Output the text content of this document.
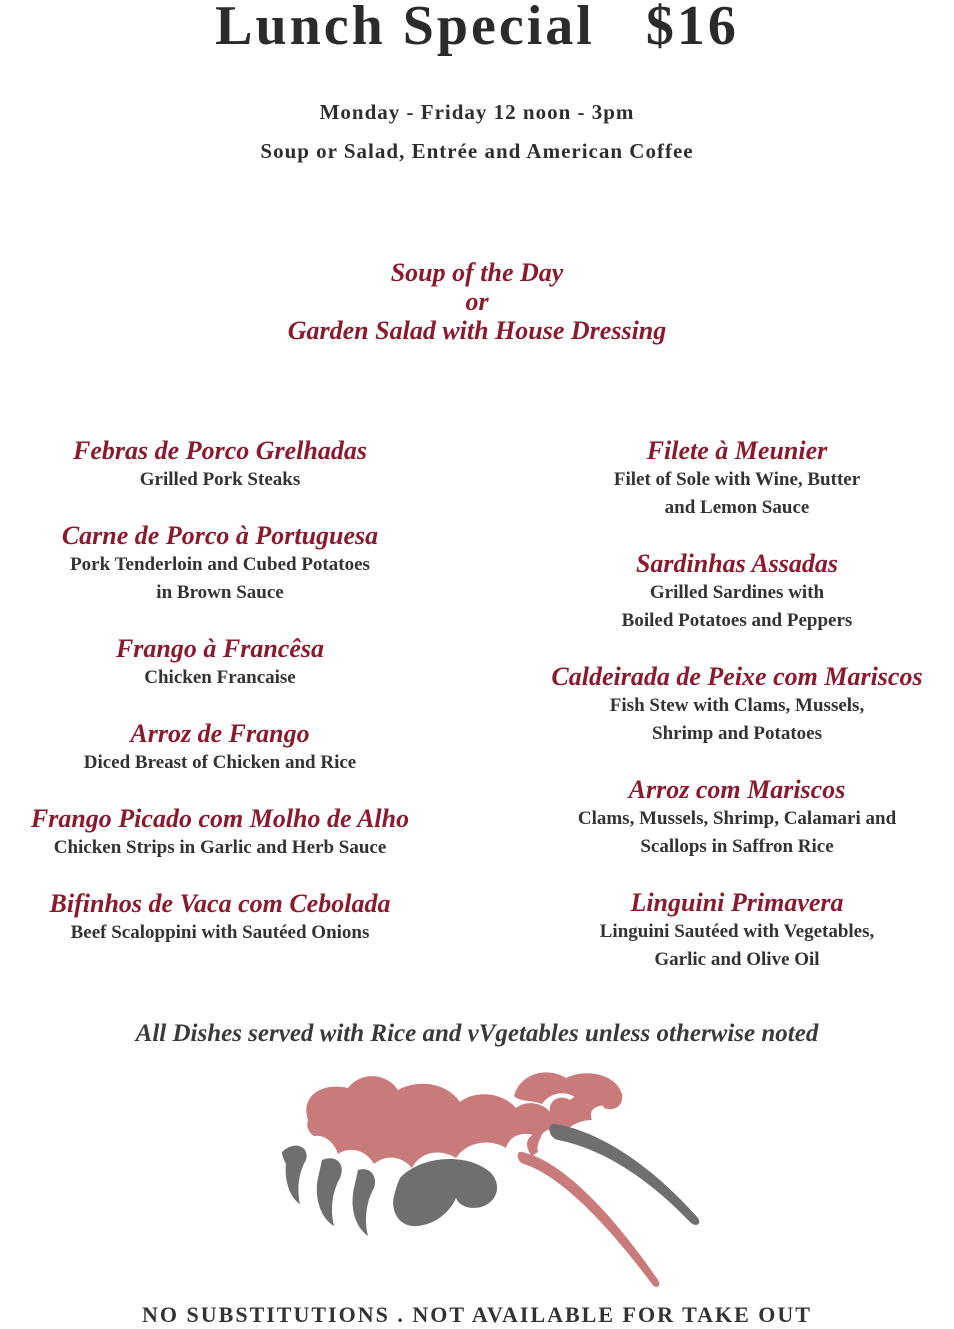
Lunch Special   $16
Monday - Friday 12 noon - 3pm
Soup or Salad, Entrée and American Coffee
Soup of the Day
or
Garden Salad with House Dressing
Febras de Porco Grelhadas
Grilled Pork Steaks
Carne de Porco à Portuguesa
Pork Tenderloin and Cubed Potatoes
in Brown Sauce
Frango à Francêsa
Chicken Francaise
Arroz de Frango
Diced Breast of Chicken and Rice
Frango Picado com Molho de Alho
Chicken Strips in Garlic and Herb Sauce
Bifinhos de Vaca com Cebolada
Beef Scaloppini with Sautéed Onions
Filete à Meunier
Filet of Sole with Wine, Butter
and Lemon Sauce
Sardinhas Assadas
Grilled Sardines with
Boiled Potatoes and Peppers
Caldeirada de Peixe com Mariscos
Fish Stew with Clams, Mussels,
Shrimp and Potatoes
Arroz com Mariscos
Clams, Mussels, Shrimp, Calamari and
Scallops in Saffron Rice
Linguini Primavera
Linguini Sautéed with Vegetables,
Garlic and Olive Oil
All Dishes served with Rice and vVgetables unless otherwise noted
NO SUBSTITUTIONS . NOT AVAILABLE FOR TAKE OUT
